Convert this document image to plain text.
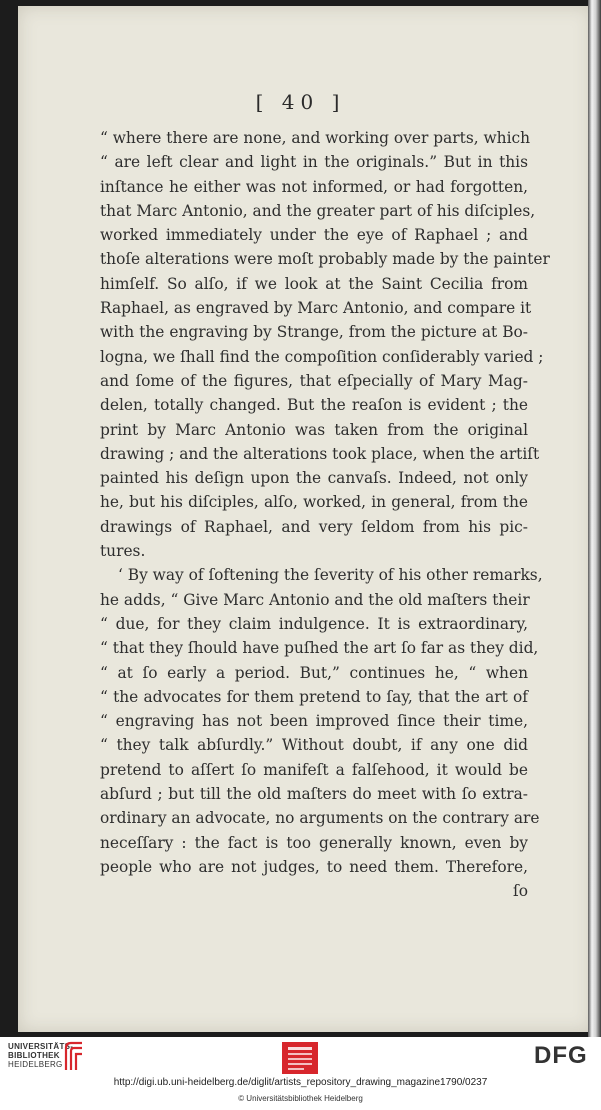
[ 40 ]
“ where there are none, and working over parts, which
“ are left clear and light in the originals.” But in this
inſtance he either was not informed, or had forgotten,
that Marc Antonio, and the greater part of his diſciples,
worked immediately under the eye of Raphael ; and
thoſe alterations were moſt probably made by the painter
himſelf. So alſo, if we look at the Saint Cecilia from
Raphael, as engraved by Marc Antonio, and compare it
with the engraving by Strange, from the picture at Bo-
logna, we ſhall find the compoſition conſiderably varied ;
and ſome of the figures, that eſpecially of Mary Mag-
delen, totally changed. But the reaſon is evident ; the
print by Marc Antonio was taken from the original
drawing ; and the alterations took place, when the artiſt
painted his deſign upon the canvaſs. Indeed, not only
he, but his diſciples, alſo, worked, in general, from the
drawings of Raphael, and very ſeldom from his pic-
tures.
‘ By way of ſoftening the ſeverity of his other remarks,
he adds, “ Give Marc Antonio and the old maſters their
“ due, for they claim indulgence. It is extraordinary,
“ that they ſhould have puſhed the art ſo far as they did,
“ at ſo early a period. But,” continues he, “ when
“ the advocates for them pretend to ſay, that the art of
“ engraving has not been improved ſince their time,
“ they talk abſurdly.” Without doubt, if any one did
pretend to aſſert ſo manifeſt a falſehood, it would be
abſurd ; but till the old maſters do meet with ſo extra-
ordinary an advocate, no arguments on the contrary are
neceſſary : the fact is too generally known, even by
people who are not judges, to need them. Therefore,
ſo
UNIVERSITÄTS-
BIBLIOTHEK
HEIDELBERG	DFG
http://digi.ub.uni-heidelberg.de/diglit/artists_repository_drawing_magazine1790/0237
© Universitätsbibliothek Heidelberg
